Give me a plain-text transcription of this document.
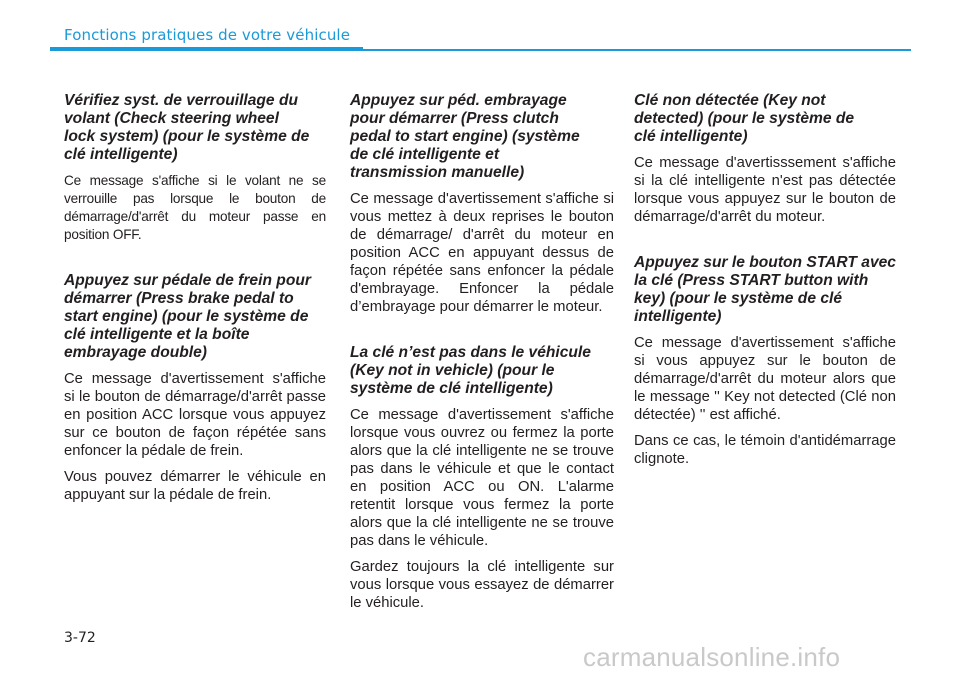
Fonctions pratiques de votre véhicule
Vérifiez syst. de verrouillage du volant (Check steering wheel lock system) (pour le système de clé intelligente)

Ce message s'affiche si le volant ne se verrouille pas lorsque le bouton de démarrage/d'arrêt du moteur passe en position OFF.

Appuyez sur pédale de frein pour démarrer (Press brake pedal to start engine) (pour le système de clé intelligente et la boîte embrayage double)

Ce message d'avertissement s'affiche si le bouton de démarrage/d'arrêt passe en position ACC lorsque vous appuyez sur ce bouton de façon répétée sans enfoncer la pédale de frein.

Vous pouvez démarrer le véhicule en appuyant sur la pédale de frein.

Appuyez sur péd. embrayage pour démarrer (Press clutch pedal to start engine) (système de clé intelligente et transmission manuelle)

Ce message d'avertissement s'affiche si vous mettez à deux reprises le bouton de démarrage/ d'arrêt du moteur en position ACC en appuyant dessus de façon répétée sans enfoncer la pédale d'embrayage. Enfoncer la pédale d’embrayage pour démarrer le moteur.

La clé n’est pas dans le véhicule (Key not in vehicle) (pour le système de clé intelligente)

Ce message d'avertissement s'affiche lorsque vous ouvrez ou fermez la porte alors que la clé intelligente ne se trouve pas dans le véhicule et que le contact en position ACC ou ON. L'alarme retentit lorsque vous fermez la porte alors que la clé intelligente ne se trouve pas dans le véhicule.

Gardez toujours la clé intelligente sur vous lorsque vous essayez de démarrer le véhicule.

Clé non détectée (Key not detected) (pour le système de clé intelligente)

Ce message d'avertisssement s'affiche si la clé intelligente n'est pas détectée lorsque vous appuyez sur le bouton de démarrage/d'arrêt du moteur.

Appuyez sur le bouton START avec la clé (Press START button with key) (pour le système de clé intelligente)

Ce message d'avertissement s'affiche si vous appuyez sur le bouton de démarrage/d'arrêt du moteur alors que le message '' Key not detected (Clé non détectée) '' est affiché.

Dans ce cas, le témoin d'antidémarrage clignote.

3-72
carmanualsonline.info
